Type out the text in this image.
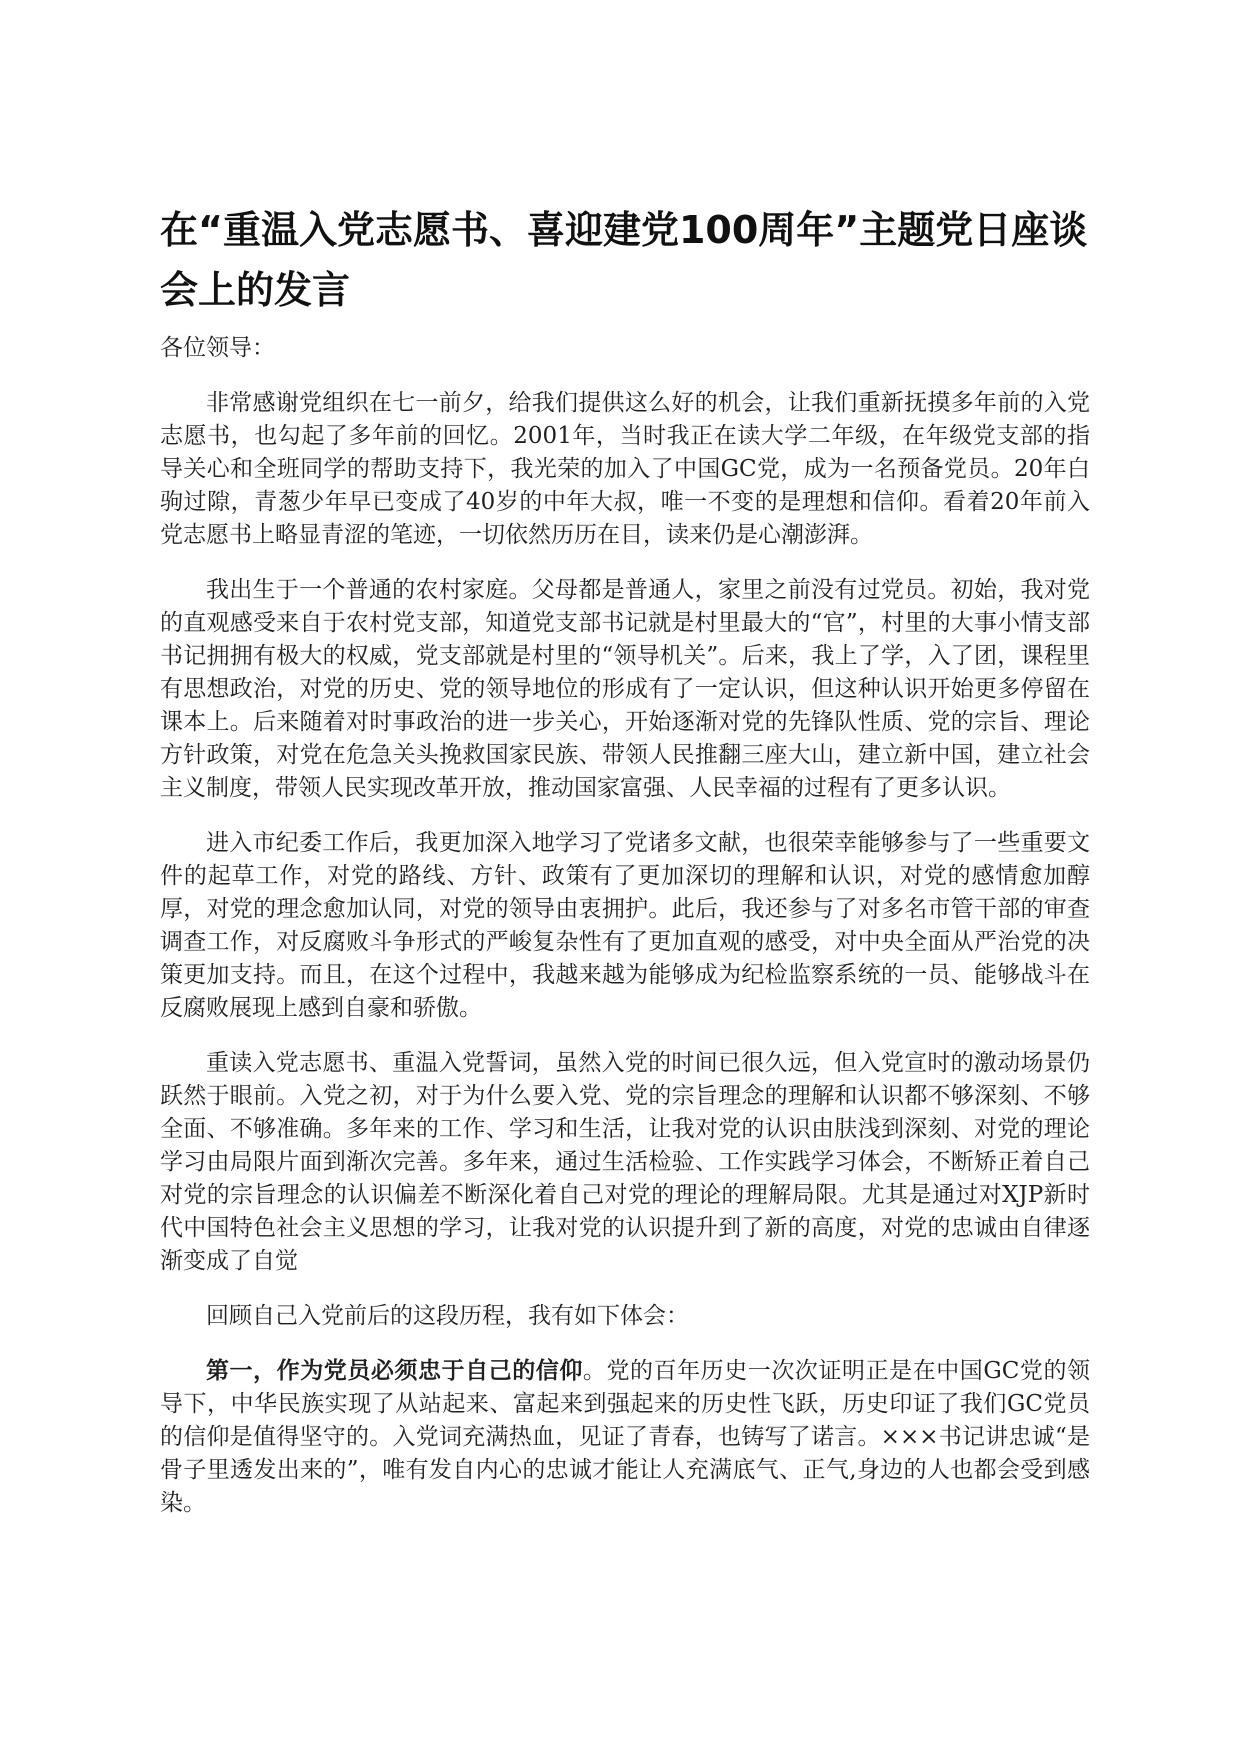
在“重温入党志愿书、喜迎建党100周年”主题党日座谈会上的发言

各位领导：

非常感谢党组织在七一前夕，给我们提供这么好的机会，让我们重新抚摸多年前的入党志愿书，也勾起了多年前的回忆。2001年，当时我正在读大学二年级，在年级党支部的指导关心和全班同学的帮助支持下，我光荣的加入了中国GC党，成为一名预备党员。20年白驹过隙，青葱少年早已变成了40岁的中年大叔，唯一不变的是理想和信仰。看着20年前入党志愿书上略显青涩的笔迹，一切依然历历在目，读来仍是心潮澎湃。

我出生于一个普通的农村家庭。父母都是普通人，家里之前没有过党员。初始，我对党的直观感受来自于农村党支部，知道党支部书记就是村里最大的“官”，村里的大事小情支部书记拥拥有极大的权威，党支部就是村里的“领导机关”。后来，我上了学，入了团，课程里有思想政治，对党的历史、党的领导地位的形成有了一定认识，但这种认识开始更多停留在课本上。后来随着对时事政治的进一步关心，开始逐渐对党的先锋队性质、党的宗旨、理论方针政策，对党在危急关头挽救国家民族、带领人民推翻三座大山，建立新中国，建立社会主义制度，带领人民实现改革开放，推动国家富强、人民幸福的过程有了更多认识。

进入市纪委工作后，我更加深入地学习了党诸多文献，也很荣幸能够参与了一些重要文件的起草工作，对党的路线、方针、政策有了更加深切的理解和认识，对党的感情愈加醇厚，对党的理念愈加认同，对党的领导由衷拥护。此后，我还参与了对多名市管干部的审查调查工作，对反腐败斗争形式的严峻复杂性有了更加直观的感受，对中央全面从严治党的决策更加支持。而且，在这个过程中，我越来越为能够成为纪检监察系统的一员、能够战斗在反腐败展现上感到自豪和骄傲。

重读入党志愿书、重温入党誓词，虽然入党的时间已很久远，但入党宣时的激动场景仍跃然于眼前。入党之初，对于为什么要入党、党的宗旨理念的理解和认识都不够深刻、不够全面、不够准确。多年来的工作、学习和生活，让我对党的认识由肤浅到深刻、对党的理论学习由局限片面到渐次完善。多年来，通过生活检验、工作实践学习体会，不断矫正着自己对党的宗旨理念的认识偏差不断深化着自己对党的理论的理解局限。尤其是通过对XJP新时代中国特色社会主义思想的学习，让我对党的认识提升到了新的高度，对党的忠诚由自律逐渐变成了自觉

回顾自己入党前后的这段历程，我有如下体会：

第一，作为党员必须忠于自己的信仰。党的百年历史一次次证明正是在中国GC党的领导下，中华民族实现了从站起来、富起来到强起来的历史性飞跃，历史印证了我们GC党员的信仰是值得坚守的。入党词充满热血，见证了青春，也铸写了诺言。×××书记讲忠诚“是骨子里透发出来的”，唯有发自内心的忠诚才能让人充满底气、正气,身边的人也都会受到感染。
